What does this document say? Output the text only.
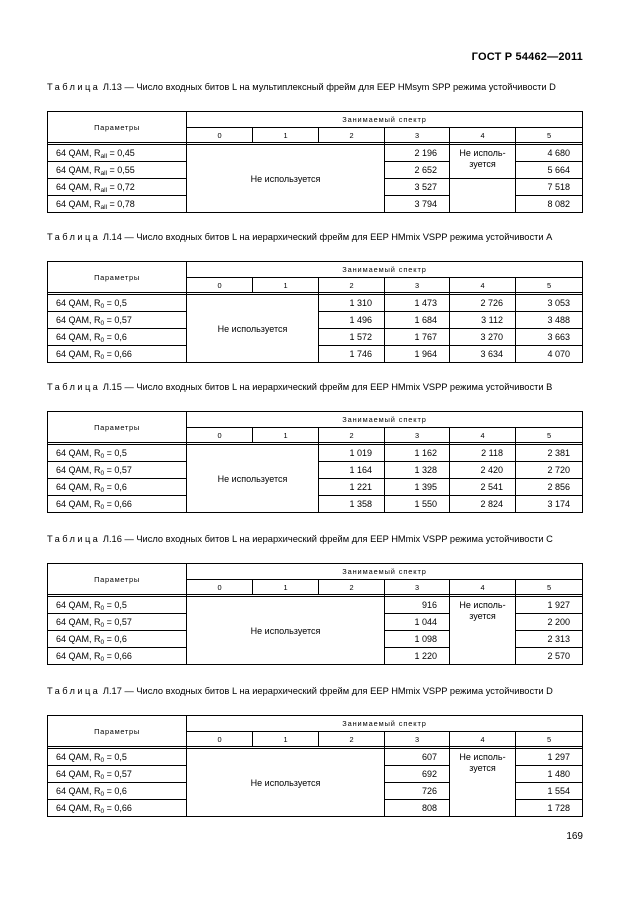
ГОСТ Р 54462—2011
Таблица Л.13 — Число входных битов L на мультиплексный фрейм для EEP HMsym SPP режима устойчивости D
Параметры	Занимаемый спектр					
	0	1	2	3	4	5

64 QAM, $R_{all} = 0,45$	Не используется			2 196	Не исполь-
зуется	4 680
64 QAM, $R_{all} = 0,55$				2 652		5 664
64 QAM, $R_{all} = 0,72$				3 527		7 518
64 QAM, $R_{all} = 0,78$				3 794		8 082
Таблица Л.14 — Число входных битов L на иерархический фрейм для EEP HMmix VSPP режима устойчивости А
Параметры	Занимаемый спектр					
	0	1	2	3	4	5

64 QAM, $R_0 = 0,5$	Не используется		1 310	1 473	2 726	3 053
64 QAM, $R_0 = 0,57$			1 496	1 684	3 112	3 488
64 QAM, $R_0 = 0,6$			1 572	1 767	3 270	3 663
64 QAM, $R_0 = 0,66$			1 746	1 964	3 634	4 070
Таблица Л.15 — Число входных битов L на иерархический фрейм для EEP HMmix VSPP режима устойчивости В
Параметры	Занимаемый спектр					
	0	1	2	3	4	5

64 QAM, $R_0 = 0,5$	Не используется		1 019	1 162	2 118	2 381
64 QAM, $R_0 = 0,57$			1 164	1 328	2 420	2 720
64 QAM, $R_0 = 0,6$			1 221	1 395	2 541	2 856
64 QAM, $R_0 = 0,66$			1 358	1 550	2 824	3 174
Таблица Л.16 — Число входных битов L на иерархический фрейм для EEP HMmix VSPP режима устойчивости С
Параметры	Занимаемый спектр					
	0	1	2	3	4	5

64 QAM, $R_0 = 0,5$	Не используется			916	Не исполь-
зуется	1 927
64 QAM, $R_0 = 0,57$				1 044		2 200
64 QAM, $R_0 = 0,6$				1 098		2 313
64 QAM, $R_0 = 0,66$				1 220		2 570
Таблица Л.17 — Число входных битов L на иерархический фрейм для EEP HMmix VSPP режима устойчивости D
Параметры	Занимаемый спектр					
	0	1	2	3	4	5

64 QAM, $R_0 = 0,5$	Не используется			607	Не исполь-
зуется	1 297
64 QAM, $R_0 = 0,57$				692		1 480
64 QAM, $R_0 = 0,6$				726		1 554
64 QAM, $R_0 = 0,66$				808		1 728
169
